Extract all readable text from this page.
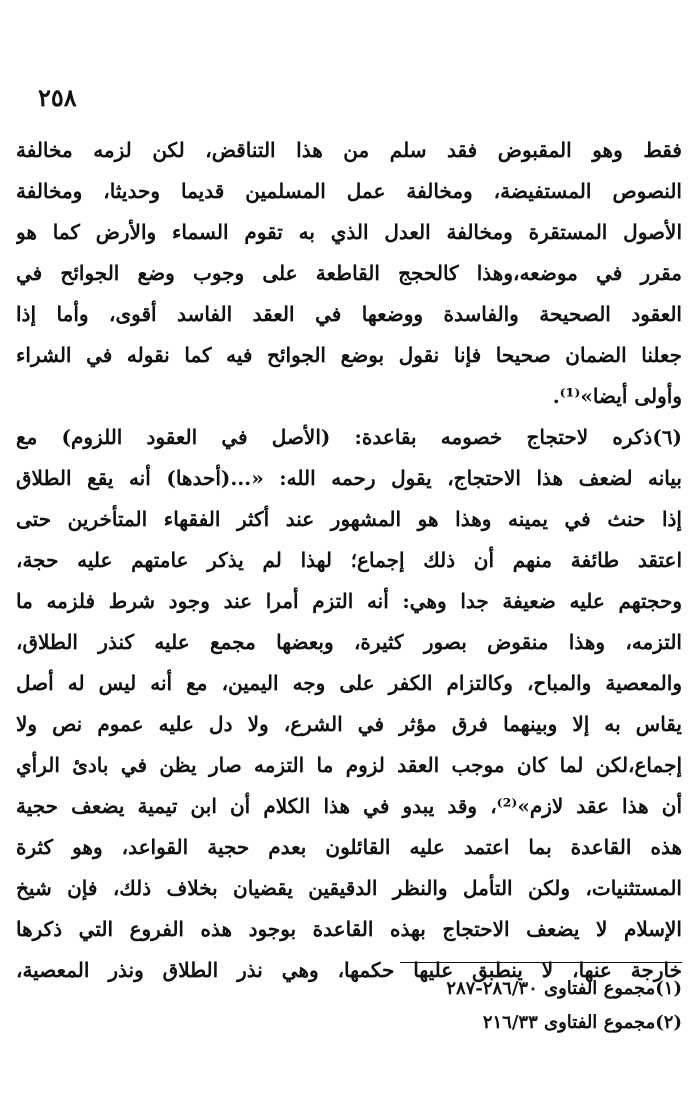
٢٥٨
فقط وهو المقبوض فقد سلم من هذا التناقض، لكن لزمه مخالفة
النصوص المستفيضة، ومخالفة عمل المسلمين قديما وحديثا، ومخالفة
الأصول المستقرة ومخالفة العدل الذي به تقوم السماء والأرض كما هو
مقرر في موضعه،وهذا كالحجج القاطعة على وجوب وضع الجوائح في
العقود الصحيحة والفاسدة ووضعها في العقد الفاسد أقوى، وأما إذا
جعلنا الضمان صحيحا فإنا نقول بوضع الجوائح فيه كما نقوله في الشراء
وأولى أيضا»⁽¹⁾.
(٦)ذكره لاحتجاج خصومه بقاعدة: (الأصل في العقود اللزوم) مع
بيانه لضعف هذا الاحتجاج، يقول رحمه الله: «...(أحدها) أنه يقع الطلاق
إذا حنث في يمينه وهذا هو المشهور عند أكثر الفقهاء المتأخرين حتى
اعتقد طائفة منهم أن ذلك إجماع؛ لهذا لم يذكر عامتهم عليه حجة،
وحجتهم عليه ضعيفة جدا وهي: أنه التزم أمرا عند وجود شرط فلزمه ما
التزمه، وهذا منقوض بصور كثيرة، وبعضها مجمع عليه كنذر الطلاق،
والمعصية والمباح، وكالتزام الكفر على وجه اليمين، مع أنه ليس له أصل
يقاس به إلا وبينهما فرق مؤثر في الشرع، ولا دل عليه عموم نص ولا
إجماع،لكن لما كان موجب العقد لزوم ما التزمه صار يظن في بادئ الرأي
أن هذا عقد لازم»⁽²⁾، وقد يبدو في هذا الكلام أن ابن تيمية يضعف حجية
هذه القاعدة بما اعتمد عليه القائلون بعدم حجية القواعد، وهو كثرة
المستثنيات، ولكن التأمل والنظر الدقيقين يقضيان بخلاف ذلك، فإن شيخ
الإسلام لا يضعف الاحتجاج بهذه القاعدة بوجود هذه الفروع التي ذكرها
خارجة عنها، لا ينطبق عليها حكمها، وهي نذر الطلاق ونذر المعصية،
(١)مجموع الفتاوى ٢٨٦/٣٠-٢٨٧
(٢)مجموع الفتاوى ٢١٦/٣٣
